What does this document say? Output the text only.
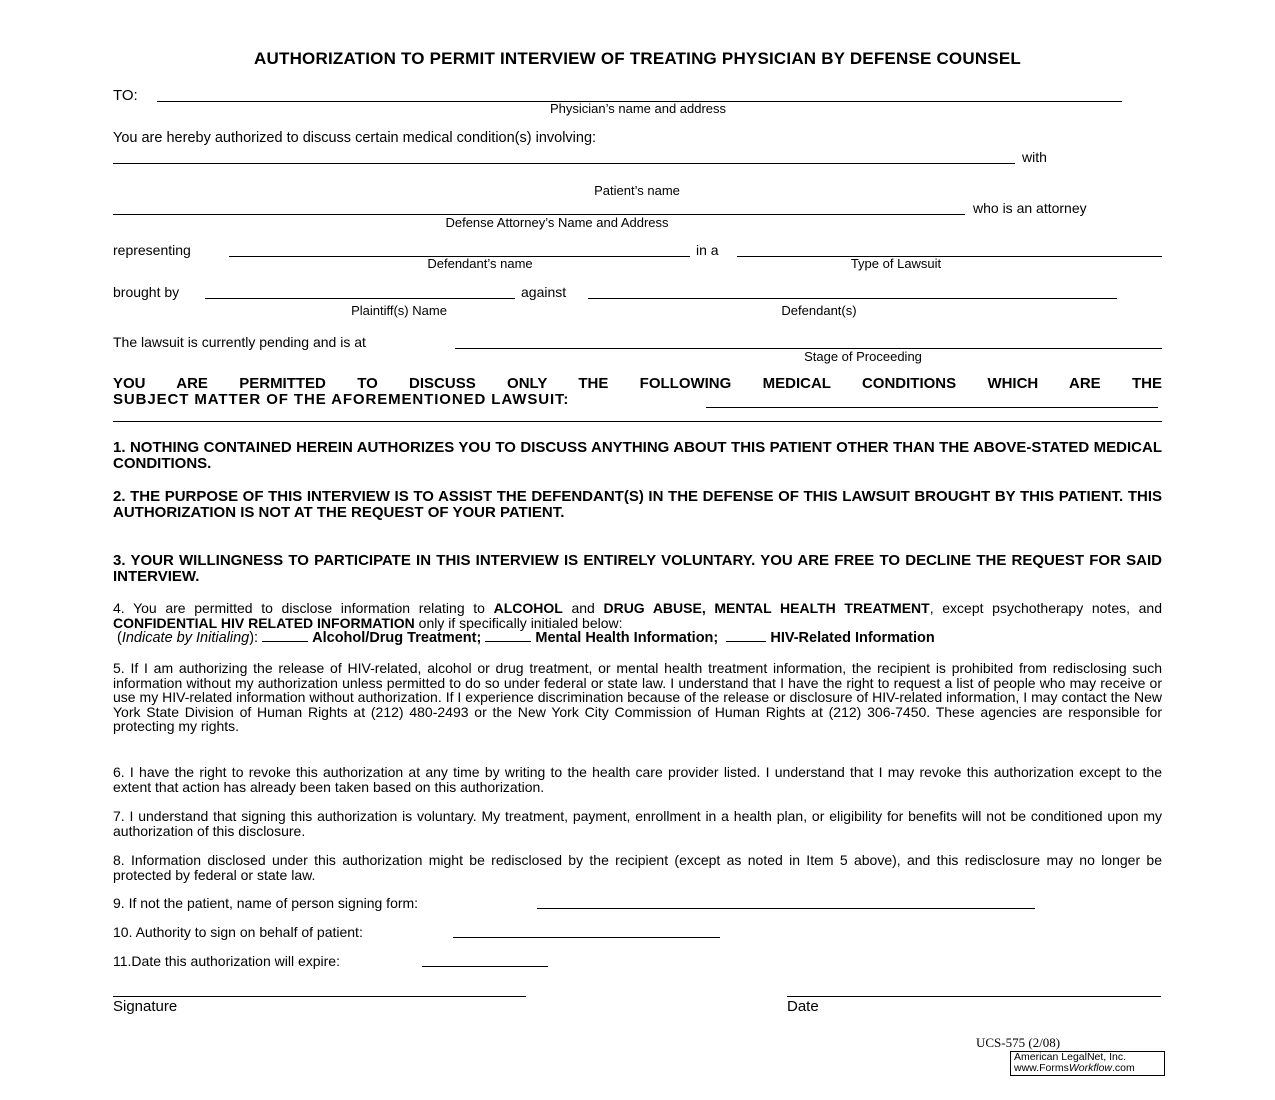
AUTHORIZATION TO PERMIT INTERVIEW OF TREATING PHYSICIAN BY DEFENSE COUNSEL
TO:
Physician’s name and address
You are hereby authorized to discuss certain medical condition(s) involving:
with
Patient’s name
who is an attorney
Defense Attorney’s Name and Address
representing	in a
Defendant’s name	Type of Lawsuit
brought by	against
Plaintiff(s) Name	Defendant(s)
The lawsuit is currently pending and is at
Stage of Proceeding
YOU ARE PERMITTED TO DISCUSS ONLY THE FOLLOWING MEDICAL CONDITIONS WHICH ARE THE
SUBJECT MATTER OF THE AFOREMENTIONED LAWSUIT:
1. NOTHING CONTAINED HEREIN AUTHORIZES YOU TO DISCUSS ANYTHING ABOUT THIS PATIENT OTHER THAN THE ABOVE-STATED MEDICAL CONDITIONS.
2. THE PURPOSE OF THIS INTERVIEW IS TO ASSIST THE DEFENDANT(S) IN THE DEFENSE OF THIS LAWSUIT BROUGHT BY THIS PATIENT. THIS AUTHORIZATION IS NOT AT THE REQUEST OF YOUR PATIENT.
3. YOUR WILLINGNESS TO PARTICIPATE IN THIS INTERVIEW IS ENTIRELY VOLUNTARY. YOU ARE FREE TO DECLINE THE REQUEST FOR SAID INTERVIEW.
4. You are permitted to disclose information relating to ALCOHOL and DRUG ABUSE, MENTAL HEALTH TREATMENT, except psychotherapy notes, and CONFIDENTIAL HIV RELATED INFORMATION only if specifically initialed below:
(Indicate by Initialing):	Alcohol/Drug Treatment;	Mental Health Information;	HIV-Related Information
5. If I am authorizing the release of HIV-related, alcohol or drug treatment, or mental health treatment information, the recipient is prohibited from redisclosing such information without my authorization unless permitted to do so under federal or state law. I understand that I have the right to request a list of people who may receive or use my HIV-related information without authorization. If I experience discrimination because of the release or disclosure of HIV-related information, I may contact the New York State Division of Human Rights at (212) 480-2493 or the New York City Commission of Human Rights at (212) 306-7450. These agencies are responsible for protecting my rights.
6. I have the right to revoke this authorization at any time by writing to the health care provider listed. I understand that I may revoke this authorization except to the extent that action has already been taken based on this authorization.
7. I understand that signing this authorization is voluntary. My treatment, payment, enrollment in a health plan, or eligibility for benefits will not be conditioned upon my authorization of this disclosure.
8. Information disclosed under this authorization might be redisclosed by the recipient (except as noted in Item 5 above), and this redisclosure may no longer be protected by federal or state law.
9. If not the patient, name of person signing form:
10. Authority to sign on behalf of patient:
11.Date this authorization will expire:
Signature	Date
UCS-575 (2/08)
American LegalNet, Inc.
www.FormsWorkflow.com
